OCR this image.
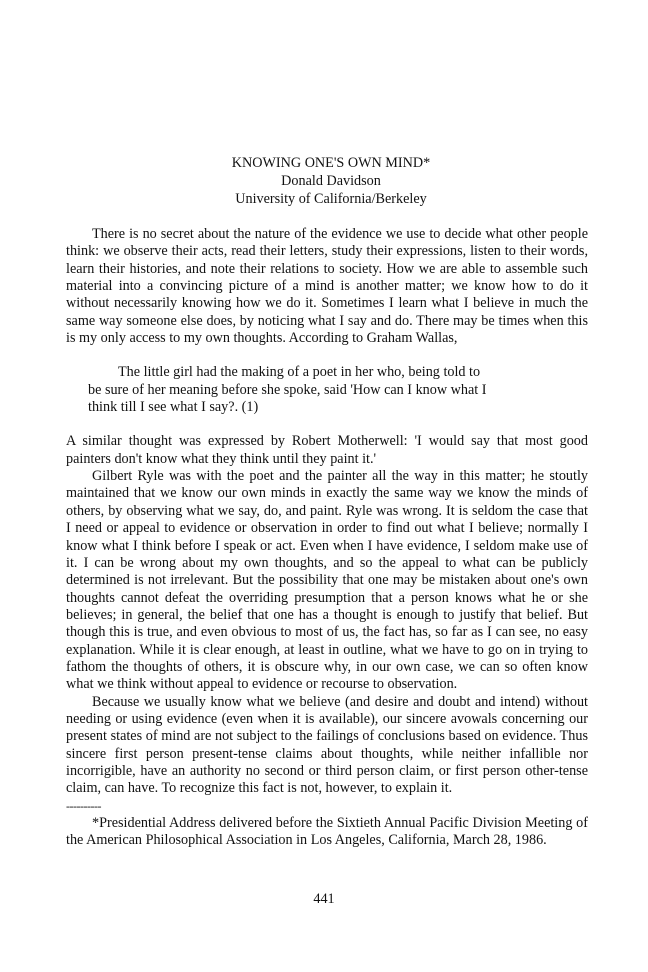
KNOWING ONE'S OWN MIND*
Donald Davidson
University of California/Berkeley

There is no secret about the nature of the evidence we use to decide what other people think: we observe their acts, read their letters, study their expressions, listen to their words, learn their histories, and note their relations to society. How we are able to assemble such material into a convincing picture of a mind is another matter; we know how to do it without necessarily knowing how we do it. Sometimes I learn what I believe in much the same way someone else does, by noticing what I say and do. There may be times when this is my only access to my own thoughts. According to Graham Wallas,

The little girl had the making of a poet in her who, being told to
be sure of her meaning before she spoke, said 'How can I know what I
think till I see what I say?. (1)

A similar thought was expressed by Robert Motherwell: 'I would say that most good painters don't know what they think until they paint it.'

Gilbert Ryle was with the poet and the painter all the way in this matter; he stoutly maintained that we know our own minds in exactly the same way we know the minds of others, by observing what we say, do, and paint. Ryle was wrong. It is seldom the case that I need or appeal to evidence or observation in order to find out what I believe; normally I know what I think before I speak or act. Even when I have evidence, I seldom make use of it. I can be wrong about my own thoughts, and so the appeal to what can be publicly determined is not irrelevant. But the possibility that one may be mistaken about one's own thoughts cannot defeat the overriding presumption that a person knows what he or she believes; in general, the belief that one has a thought is enough to justify that belief. But though this is true, and even obvious to most of us, the fact has, so far as I can see, no easy explanation. While it is clear enough, at least in outline, what we have to go on in trying to fathom the thoughts of others, it is obscure why, in our own case, we can so often know what we think without appeal to evidence or recourse to observation.

Because we usually know what we believe (and desire and doubt and intend) without needing or using evidence (even when it is available), our sincere avowals concerning our present states of mind are not subject to the failings of conclusions based on evidence. Thus sincere first person present-tense claims about thoughts, while neither infallible nor incorrigible, have an authority no second or third person claim, or first person other-tense claim, can have. To recognize this fact is not, however, to explain it.

----------

*Presidential Address delivered before the Sixtieth Annual Pacific Division Meeting of the American Philosophical Association in Los Angeles, California, March 28, 1986.

441
